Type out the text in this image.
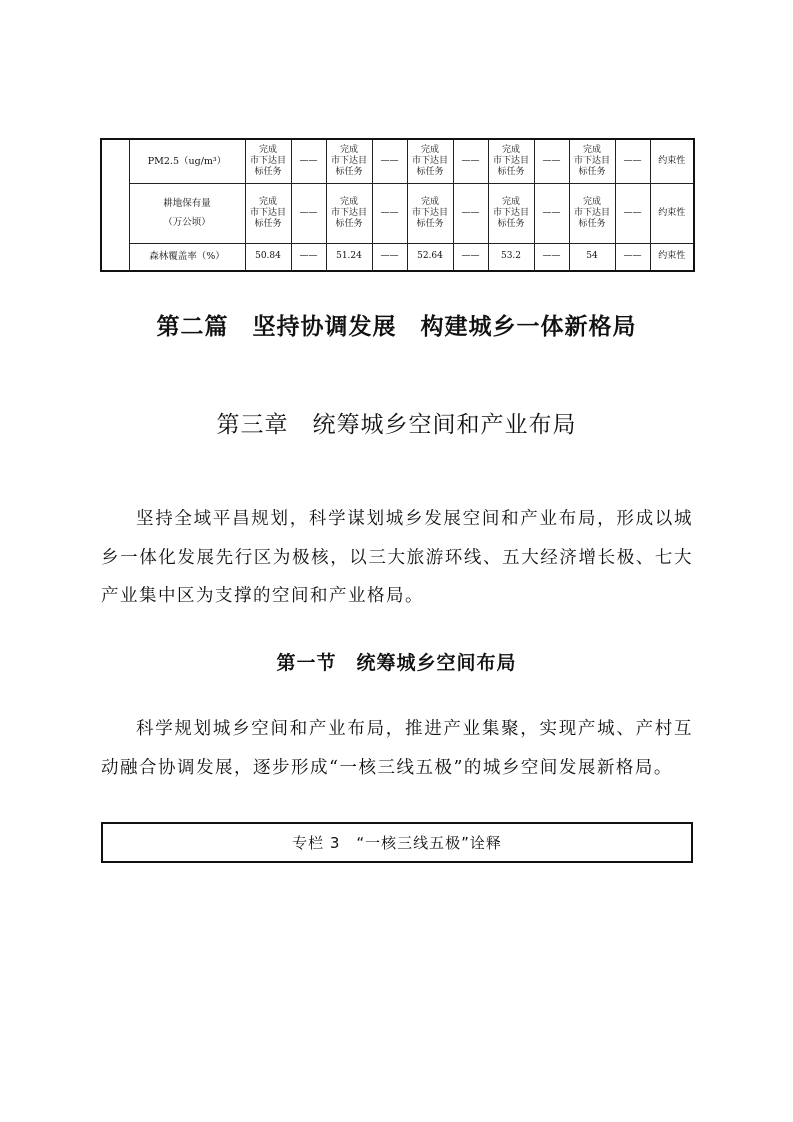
	PM2.5（ug/m³）	完成
市下达目
标任务	——	完成
市下达目
标任务	——	完成
市下达目
标任务	——	完成
市下达目
标任务	——	完成
市下达目
标任务	——	约束性

	耕地保有量
（万公顷）	完成
市下达目
标任务	——	完成
市下达目
标任务	——	完成
市下达目
标任务	——	完成
市下达目
标任务	——	完成
市下达目
标任务	——	约束性
	森林覆盖率（%）	50.84	——	51.24	——	52.64	——	53.2	——	54	——	约束性
第二篇　坚持协调发展　构建城乡一体新格局
第三章　统筹城乡空间和产业布局

坚持全域平昌规划，科学谋划城乡发展空间和产业布局，形成以城乡一体化发展先行区为极核，以三大旅游环线、五大经济增长极、七大产业集中区为支撑的空间和产业格局。

第一节　统筹城乡空间布局

科学规划城乡空间和产业布局，推进产业集聚，实现产城、产村互动融合协调发展，逐步形成“一核三线五极”的城乡空间发展新格局。

专栏 3　“一核三线五极”诠释
